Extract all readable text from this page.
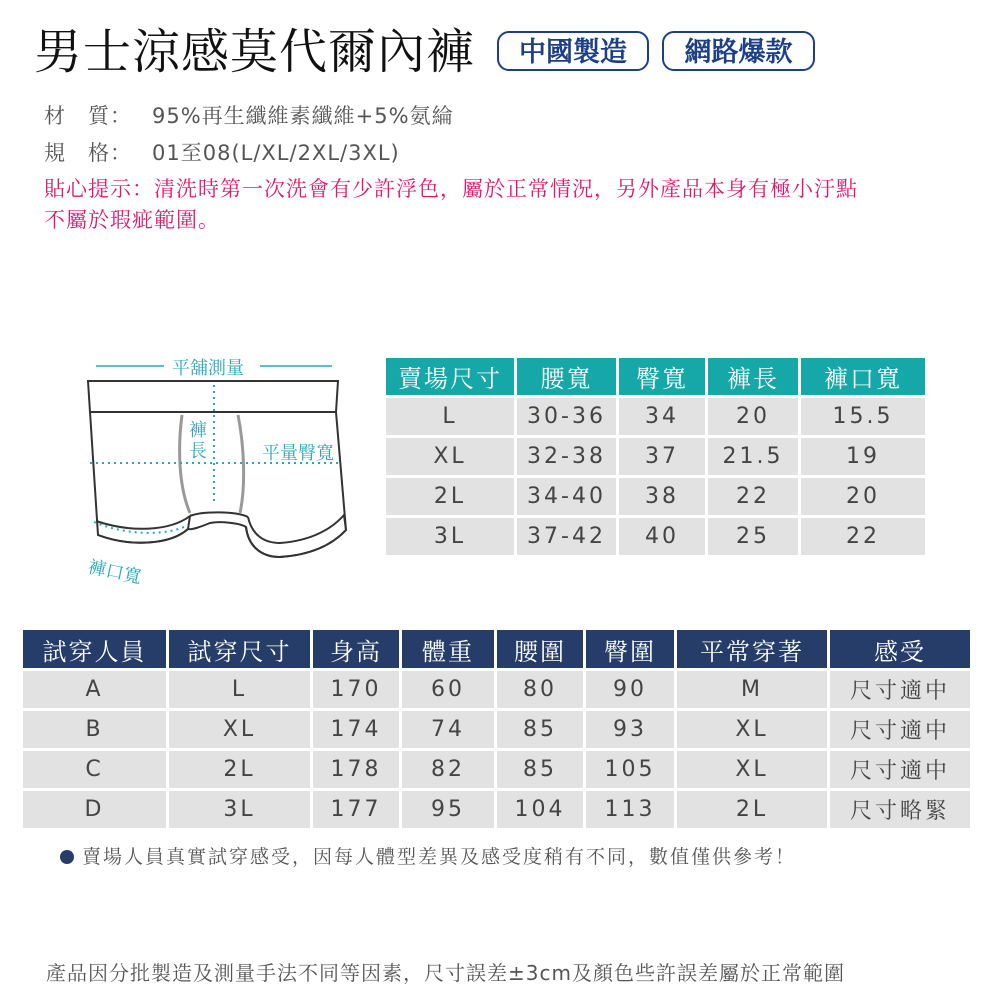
男士涼感莫代爾內褲	中國製造	網路爆款
材　質： 95%再生纖維素纖維+5%氨綸
規　格： 01至08(L/XL/2XL/3XL)
貼心提示：清洗時第一次洗會有少許浮色，屬於正常情況，另外產品本身有極小汙點
不屬於瑕疵範圍。
平舖測量
褲
長	平量臀寬
褲口寬
賣場尺寸	腰寬	臀寬	褲長	褲口寬
L	30-36	34	20	15.5
XL	32-38	37	21.5	19
2L	34-40	38	22	20
3L	37-42	40	25	22
試穿人員	試穿尺寸	身高	體重	腰圍	臀圍	平常穿著	感受
A	L	170	60	80	90	M	尺寸適中
B	XL	174	74	85	93	XL	尺寸適中
C	2L	178	82	85	105	XL	尺寸適中
D	3L	177	95	104	113	2L	尺寸略緊
賣場人員真實試穿感受，因每人體型差異及感受度稍有不同，數值僅供參考！
產品因分批製造及測量手法不同等因素，尺寸誤差±3cm及顏色些許誤差屬於正常範圍
